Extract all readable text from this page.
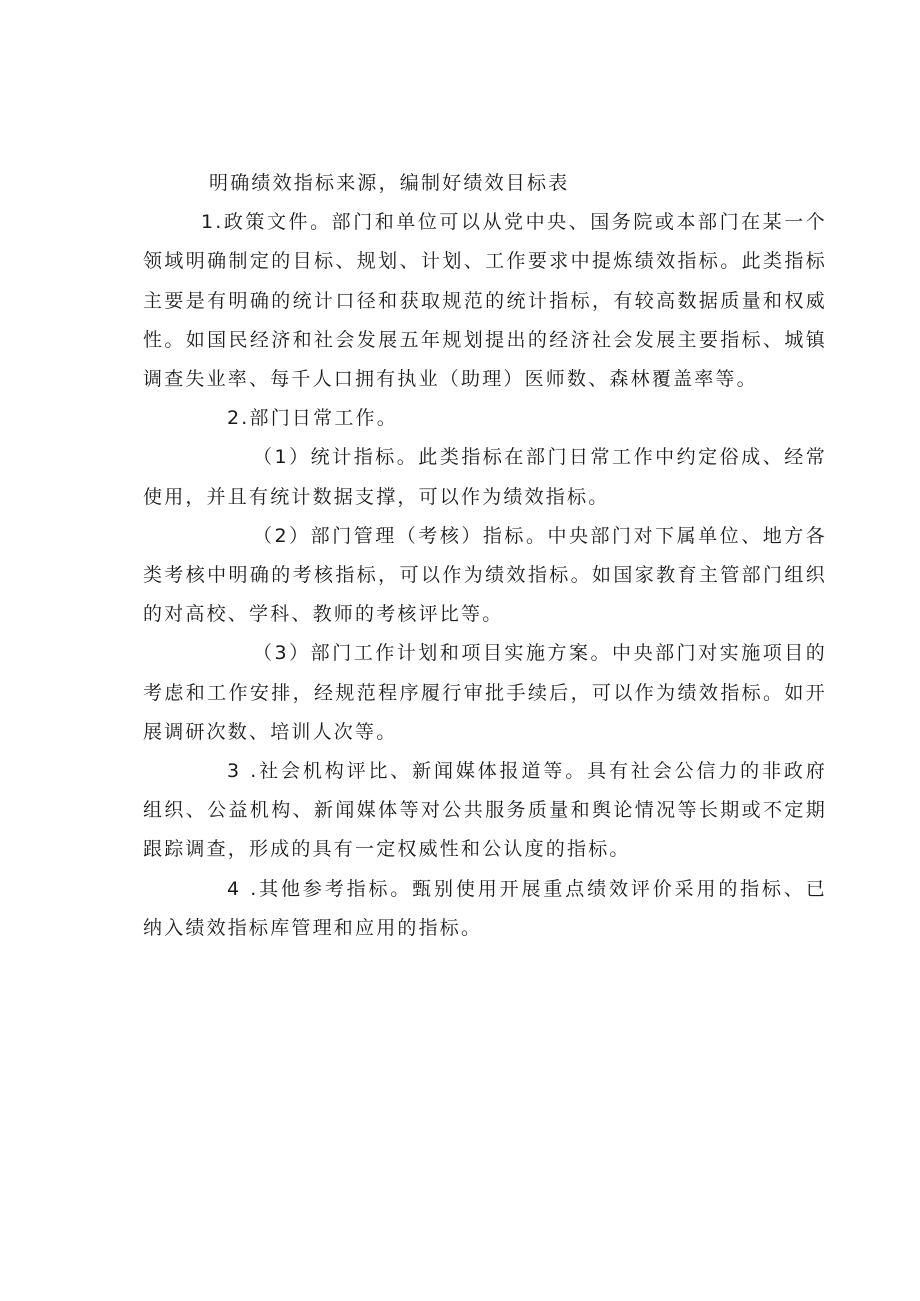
明确绩效指标来源，编制好绩效目标表

1.政策文件。部门和单位可以从党中央、国务院或本部门在某一个领域明确制定的目标、规划、计划、工作要求中提炼绩效指标。此类指标主要是有明确的统计口径和获取规范的统计指标，有较高数据质量和权威性。如国民经济和社会发展五年规划提出的经济社会发展主要指标、城镇调查失业率、每千人口拥有执业（助理）医师数、森林覆盖率等。

2.部门日常工作。

（1）统计指标。此类指标在部门日常工作中约定俗成、经常使用，并且有统计数据支撑，可以作为绩效指标。

（2）部门管理（考核）指标。中央部门对下属单位、地方各类考核中明确的考核指标，可以作为绩效指标。如国家教育主管部门组织的对高校、学科、教师的考核评比等。

（3）部门工作计划和项目实施方案。中央部门对实施项目的考虑和工作安排，经规范程序履行审批手续后，可以作为绩效指标。如开展调研次数、培训人次等。

3 .社会机构评比、新闻媒体报道等。具有社会公信力的非政府组织、公益机构、新闻媒体等对公共服务质量和舆论情况等长期或不定期跟踪调查，形成的具有一定权威性和公认度的指标。

4 .其他参考指标。甄别使用开展重点绩效评价采用的指标、已纳入绩效指标库管理和应用的指标。
